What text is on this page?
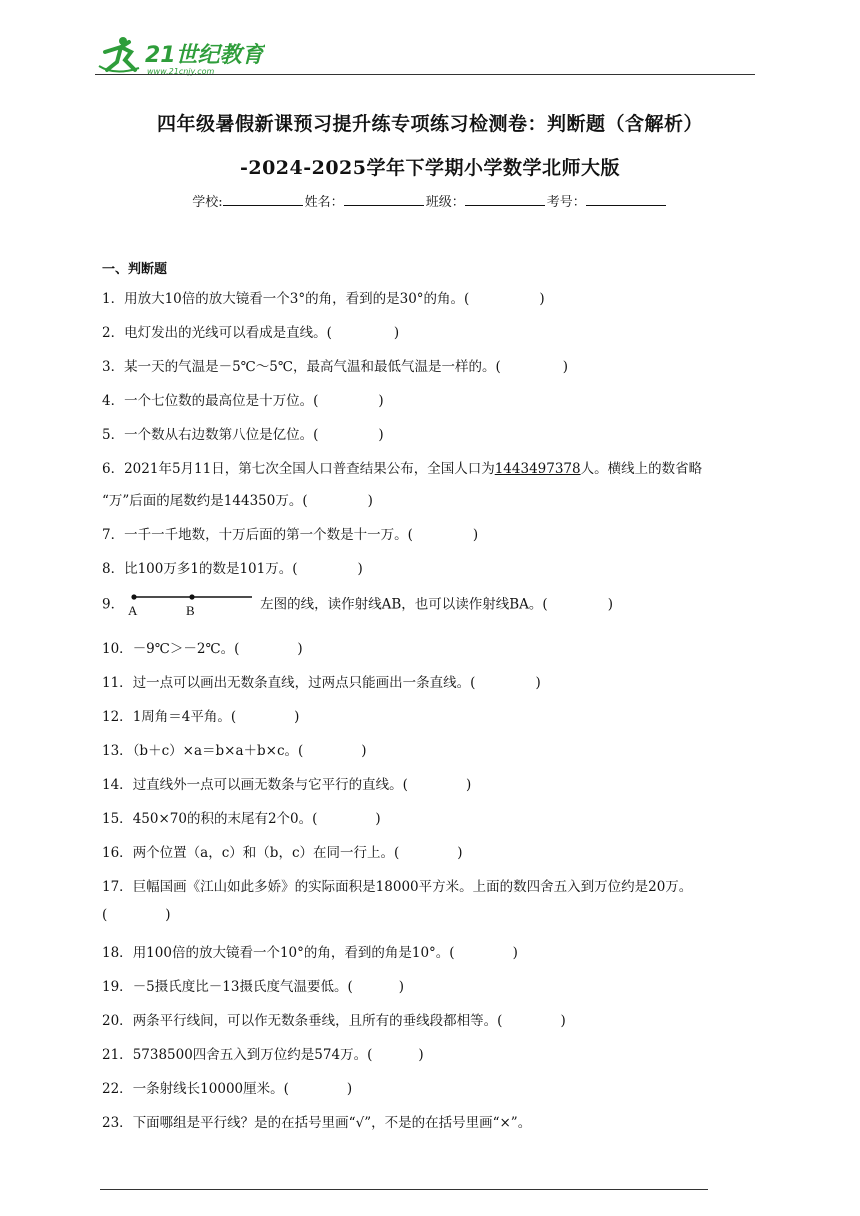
21世纪教育
www.21cnjy.com
四年级暑假新课预习提升练专项练习检测卷：判断题（含解析）
-2024-2025学年下学期小学数学北师大版
学校:	姓名：	班级：	考号：
一、判断题
1．用放大10倍的放大镜看一个3°的角，看到的是30°的角。(	)
2．电灯发出的光线可以看成是直线。(	)
3．某一天的气温是－5℃～5℃，最高气温和最低气温是一样的。(	)
4．一个七位数的最高位是十万位。(	)
5．一个数从右边数第八位是亿位。(	)
6．2021年5月11日，第七次全国人口普查结果公布，全国人口为1443497378人。横线上的数省略
“万”后面的尾数约是144350万。(	)
7．一千一千地数，十万后面的第一个数是十一万。(	)
8．比100万多1的数是101万。(	)
9． A	B	左图的线，读作射线AB，也可以读作射线BA。(	)
10．－9℃＞－2℃。(	)
11．过一点可以画出无数条直线，过两点只能画出一条直线。(	)
12．1周角＝4平角。(	)
13．（b＋c）×a＝b×a＋b×c。(	)
14．过直线外一点可以画无数条与它平行的直线。(	)
15．450×70的积的末尾有2个0。(	)
16．两个位置（a，c）和（b，c）在同一行上。(	)
17．巨幅国画《江山如此多娇》的实际面积是18000平方米。上面的数四舍五入到万位约是20万。
(	)
18．用100倍的放大镜看一个10°的角，看到的角是10°。(	)
19．－5摄氏度比－13摄氏度气温要低。(	)
20．两条平行线间，可以作无数条垂线，且所有的垂线段都相等。(	)
21．5738500四舍五入到万位约是574万。(	)
22．一条射线长10000厘米。(	)
23．下面哪组是平行线？是的在括号里画“√”，不是的在括号里画“×”。
